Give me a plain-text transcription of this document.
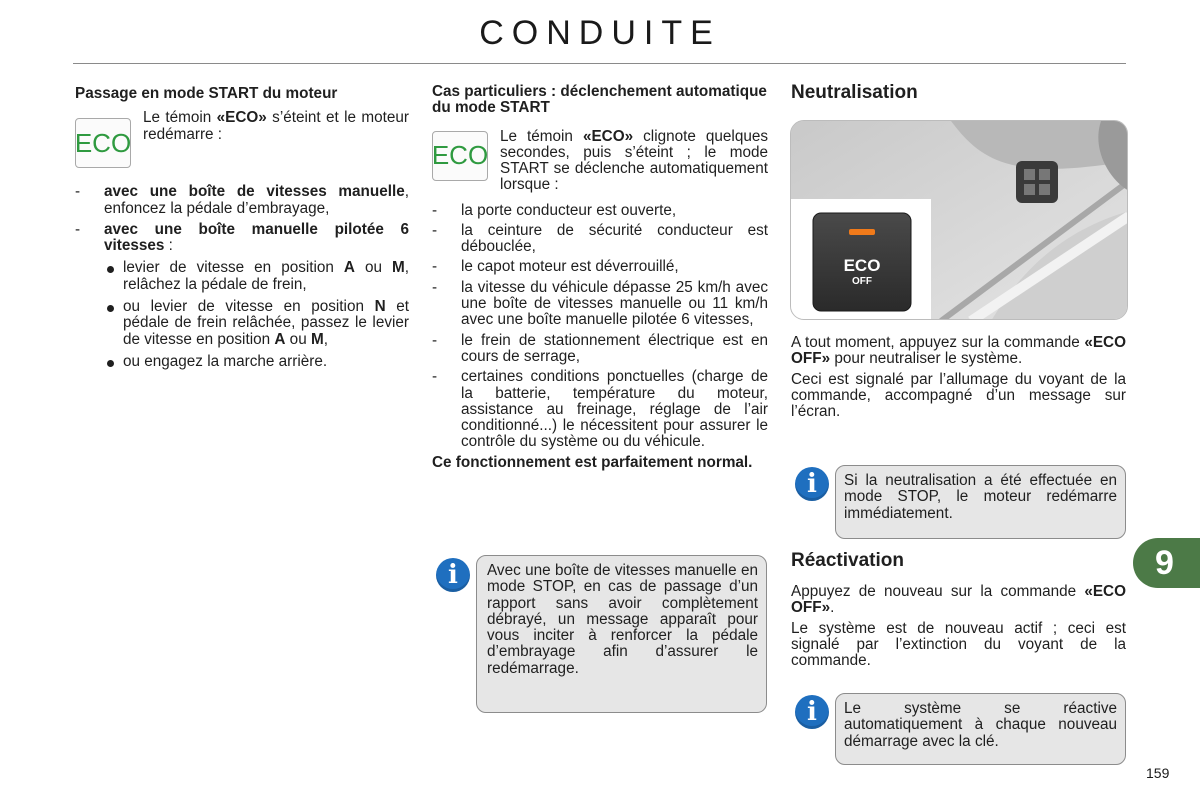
CONDUITE
Passage en mode START du moteur
ECO

Le témoin «ECO» s’éteint et le moteur redémarre :

- avec une boîte de vitesses manuelle, enfoncez la pédale d’embrayage,
- avec une boîte manuelle pilotée 6 vitesses :
levier de vitesse en position A ou M, relâchez la pédale de frein,
ou levier de vitesse en position N et pédale de frein relâchée, passez le levier de vitesse en position A ou M,
ou engagez la marche arrière.
Cas particuliers : déclenchement automatique du mode START
ECO

Le témoin «ECO» clignote quelques secondes, puis s’éteint ; le mode START se déclenche automatiquement lorsque :

- la porte conducteur est ouverte,
- la ceinture de sécurité conducteur est débouclée,
- le capot moteur est déverrouillé,
- la vitesse du véhicule dépasse 25 km/h avec une boîte de vitesses manuelle ou 11 km/h avec une boîte manuelle pilotée 6 vitesses,
- le frein de stationnement électrique est en cours de serrage,
- certaines conditions ponctuelles (charge de la batterie, température du moteur, assistance au freinage, réglage de l’air conditionné...) le nécessitent pour assurer le contrôle du système ou du véhicule.

Ce fonctionnement est parfaitement normal.

Avec une boîte de vitesses manuelle en mode STOP, en cas de passage d’un rapport sans avoir complètement débrayé, un message apparaît pour vous inciter à renforcer la pédale d’embrayage afin d’assurer le redémarrage.
i
Neutralisation
ECO
OFF

A tout moment, appuyez sur la commande «ECO OFF» pour neutraliser le système.

Ceci est signalé par l’allumage du voyant de la commande, accompagné d’un message sur l’écran.

Si la neutralisation a été effectuée en mode STOP, le moteur redémarre immédiatement.
i
Réactivation

Appuyez de nouveau sur la commande «ECO OFF».

Le système est de nouveau actif ; ceci est signalé par l’extinction du voyant de la commande.

Le système se réactive automatiquement à chaque nouveau démarrage avec la clé.
i
9
159
